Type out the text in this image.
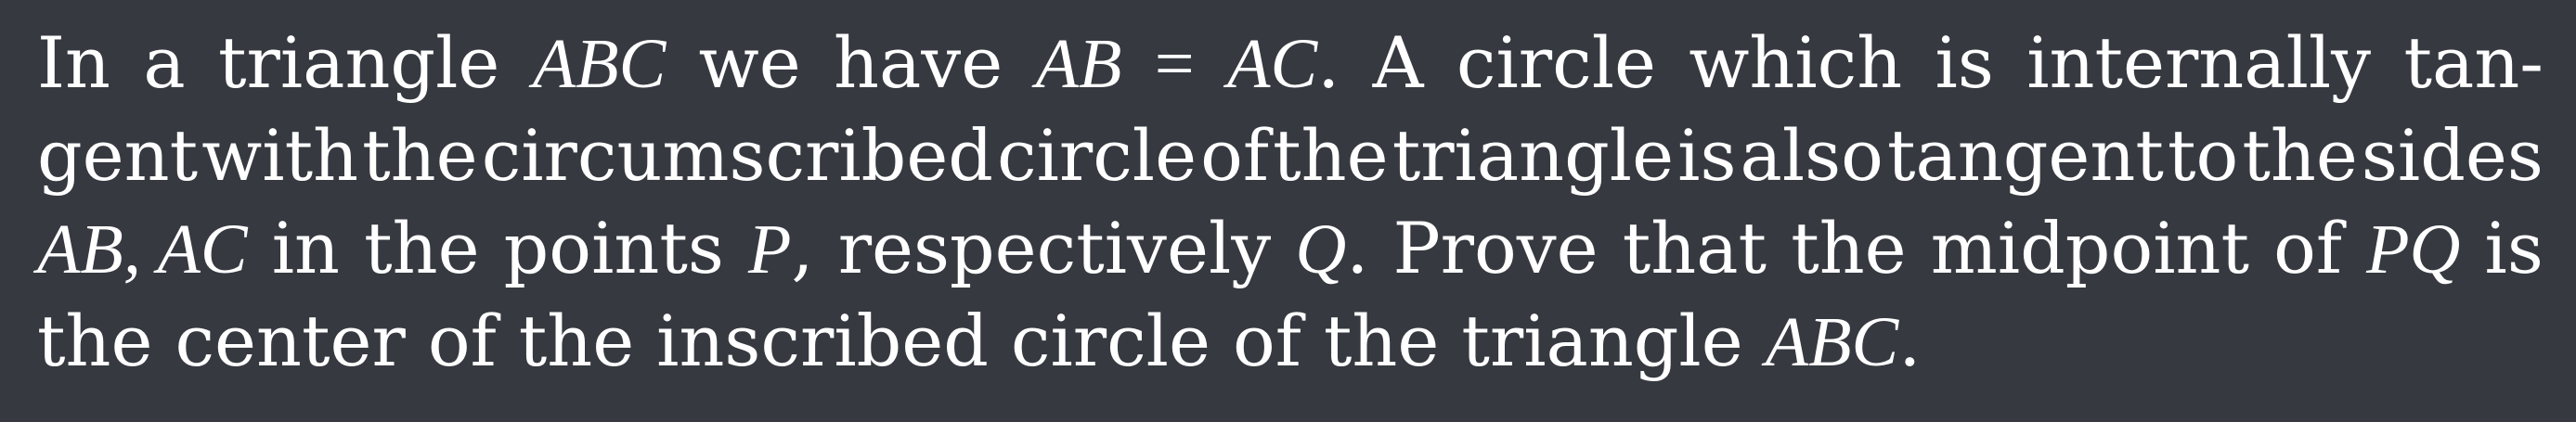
In a triangle ABC we have AB = AC. A circle which is internally tan-
gent with the circumscribed circle of the triangle is also tangent to the sides
AB, AC in the points P, respectively Q. Prove that the midpoint of PQ is
the center of the inscribed circle of the triangle ABC.
